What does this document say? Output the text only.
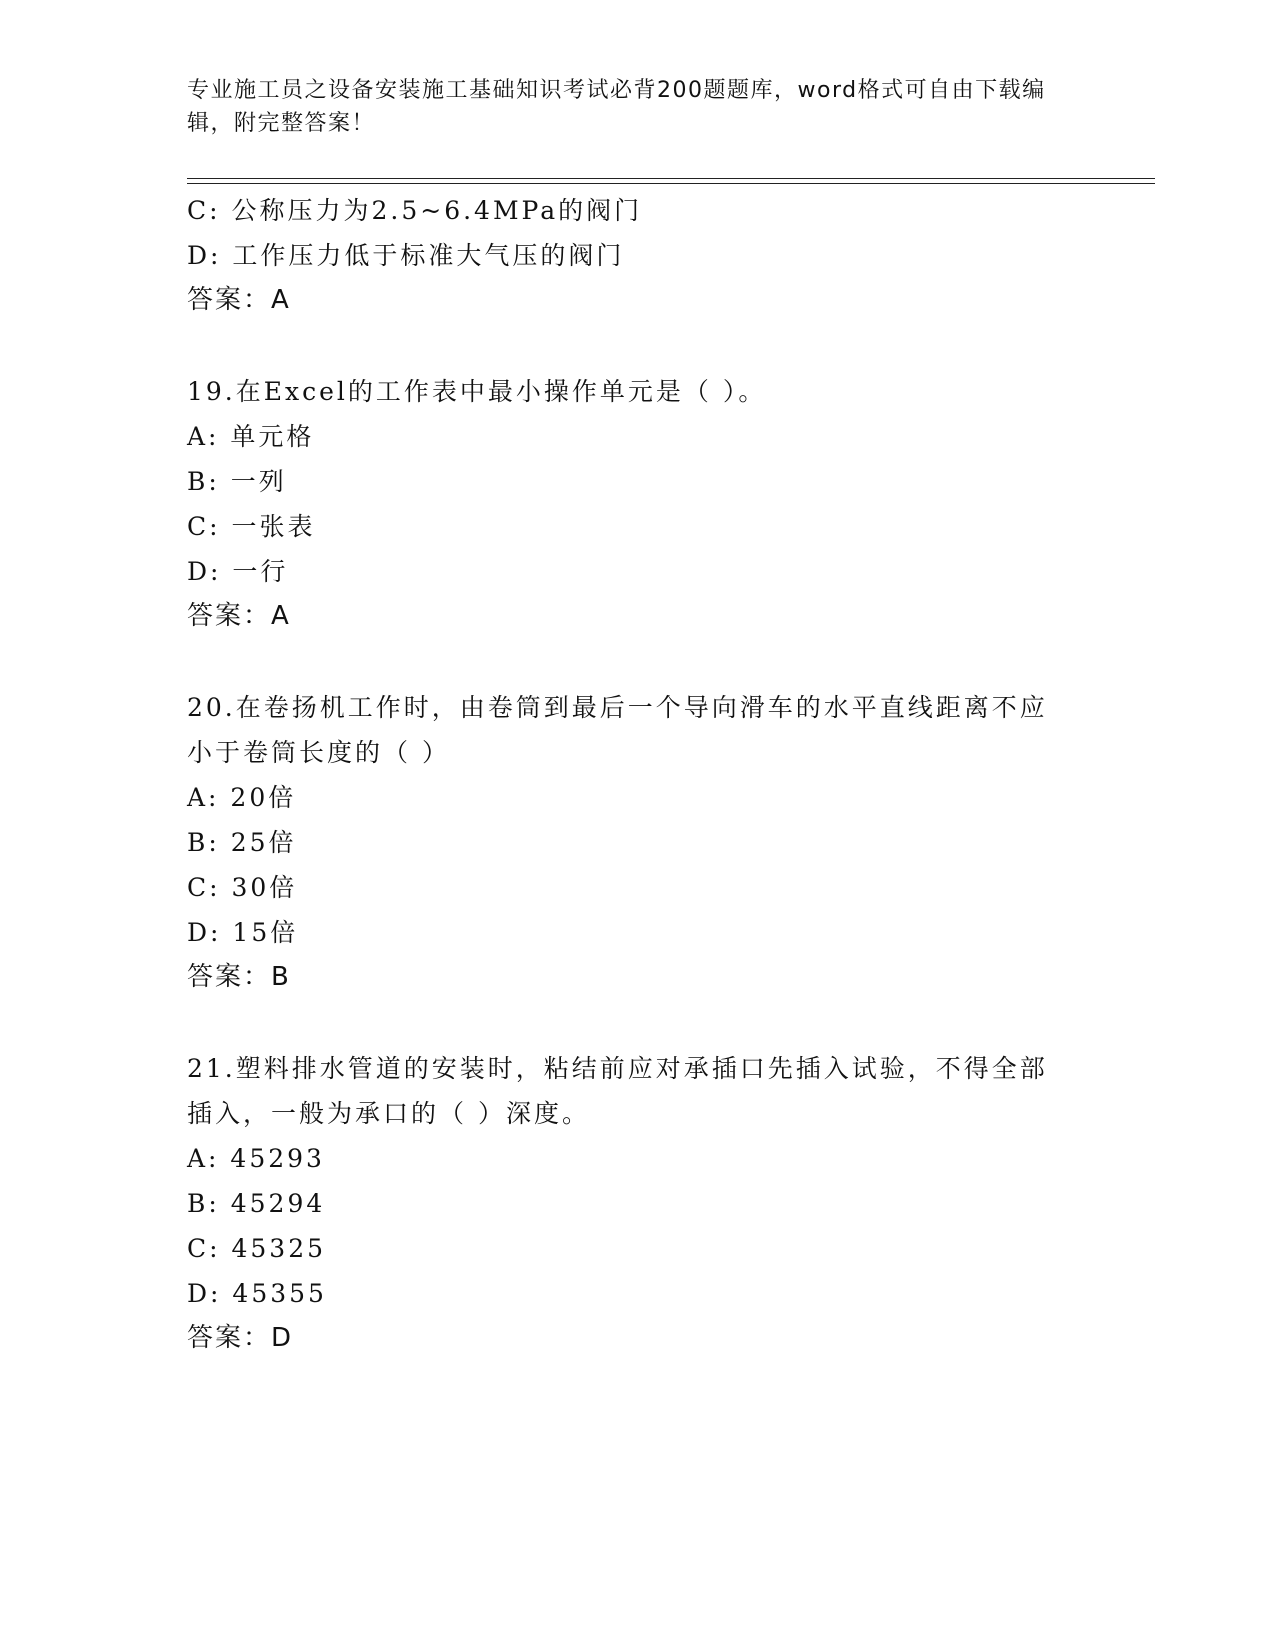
专业施工员之设备安装施工基础知识考试必背200题题库，word格式可自由下载编辑，附完整答案！
C: 公称压力为2.5~6.4MPa的阀门
D: 工作压力低于标准大气压的阀门
答案：A
19.在Excel的工作表中最小操作单元是（ ）。
A: 单元格
B: 一列
C: 一张表
D: 一行
答案：A
20.在卷扬机工作时，由卷筒到最后一个导向滑车的水平直线距离不应小于卷筒长度的（ ）
A: 20倍
B: 25倍
C: 30倍
D: 15倍
答案：B
21.塑料排水管道的安装时，粘结前应对承插口先插入试验，不得全部插入，一般为承口的（ ）深度。
A: 45293
B: 45294
C: 45325
D: 45355
答案：D
